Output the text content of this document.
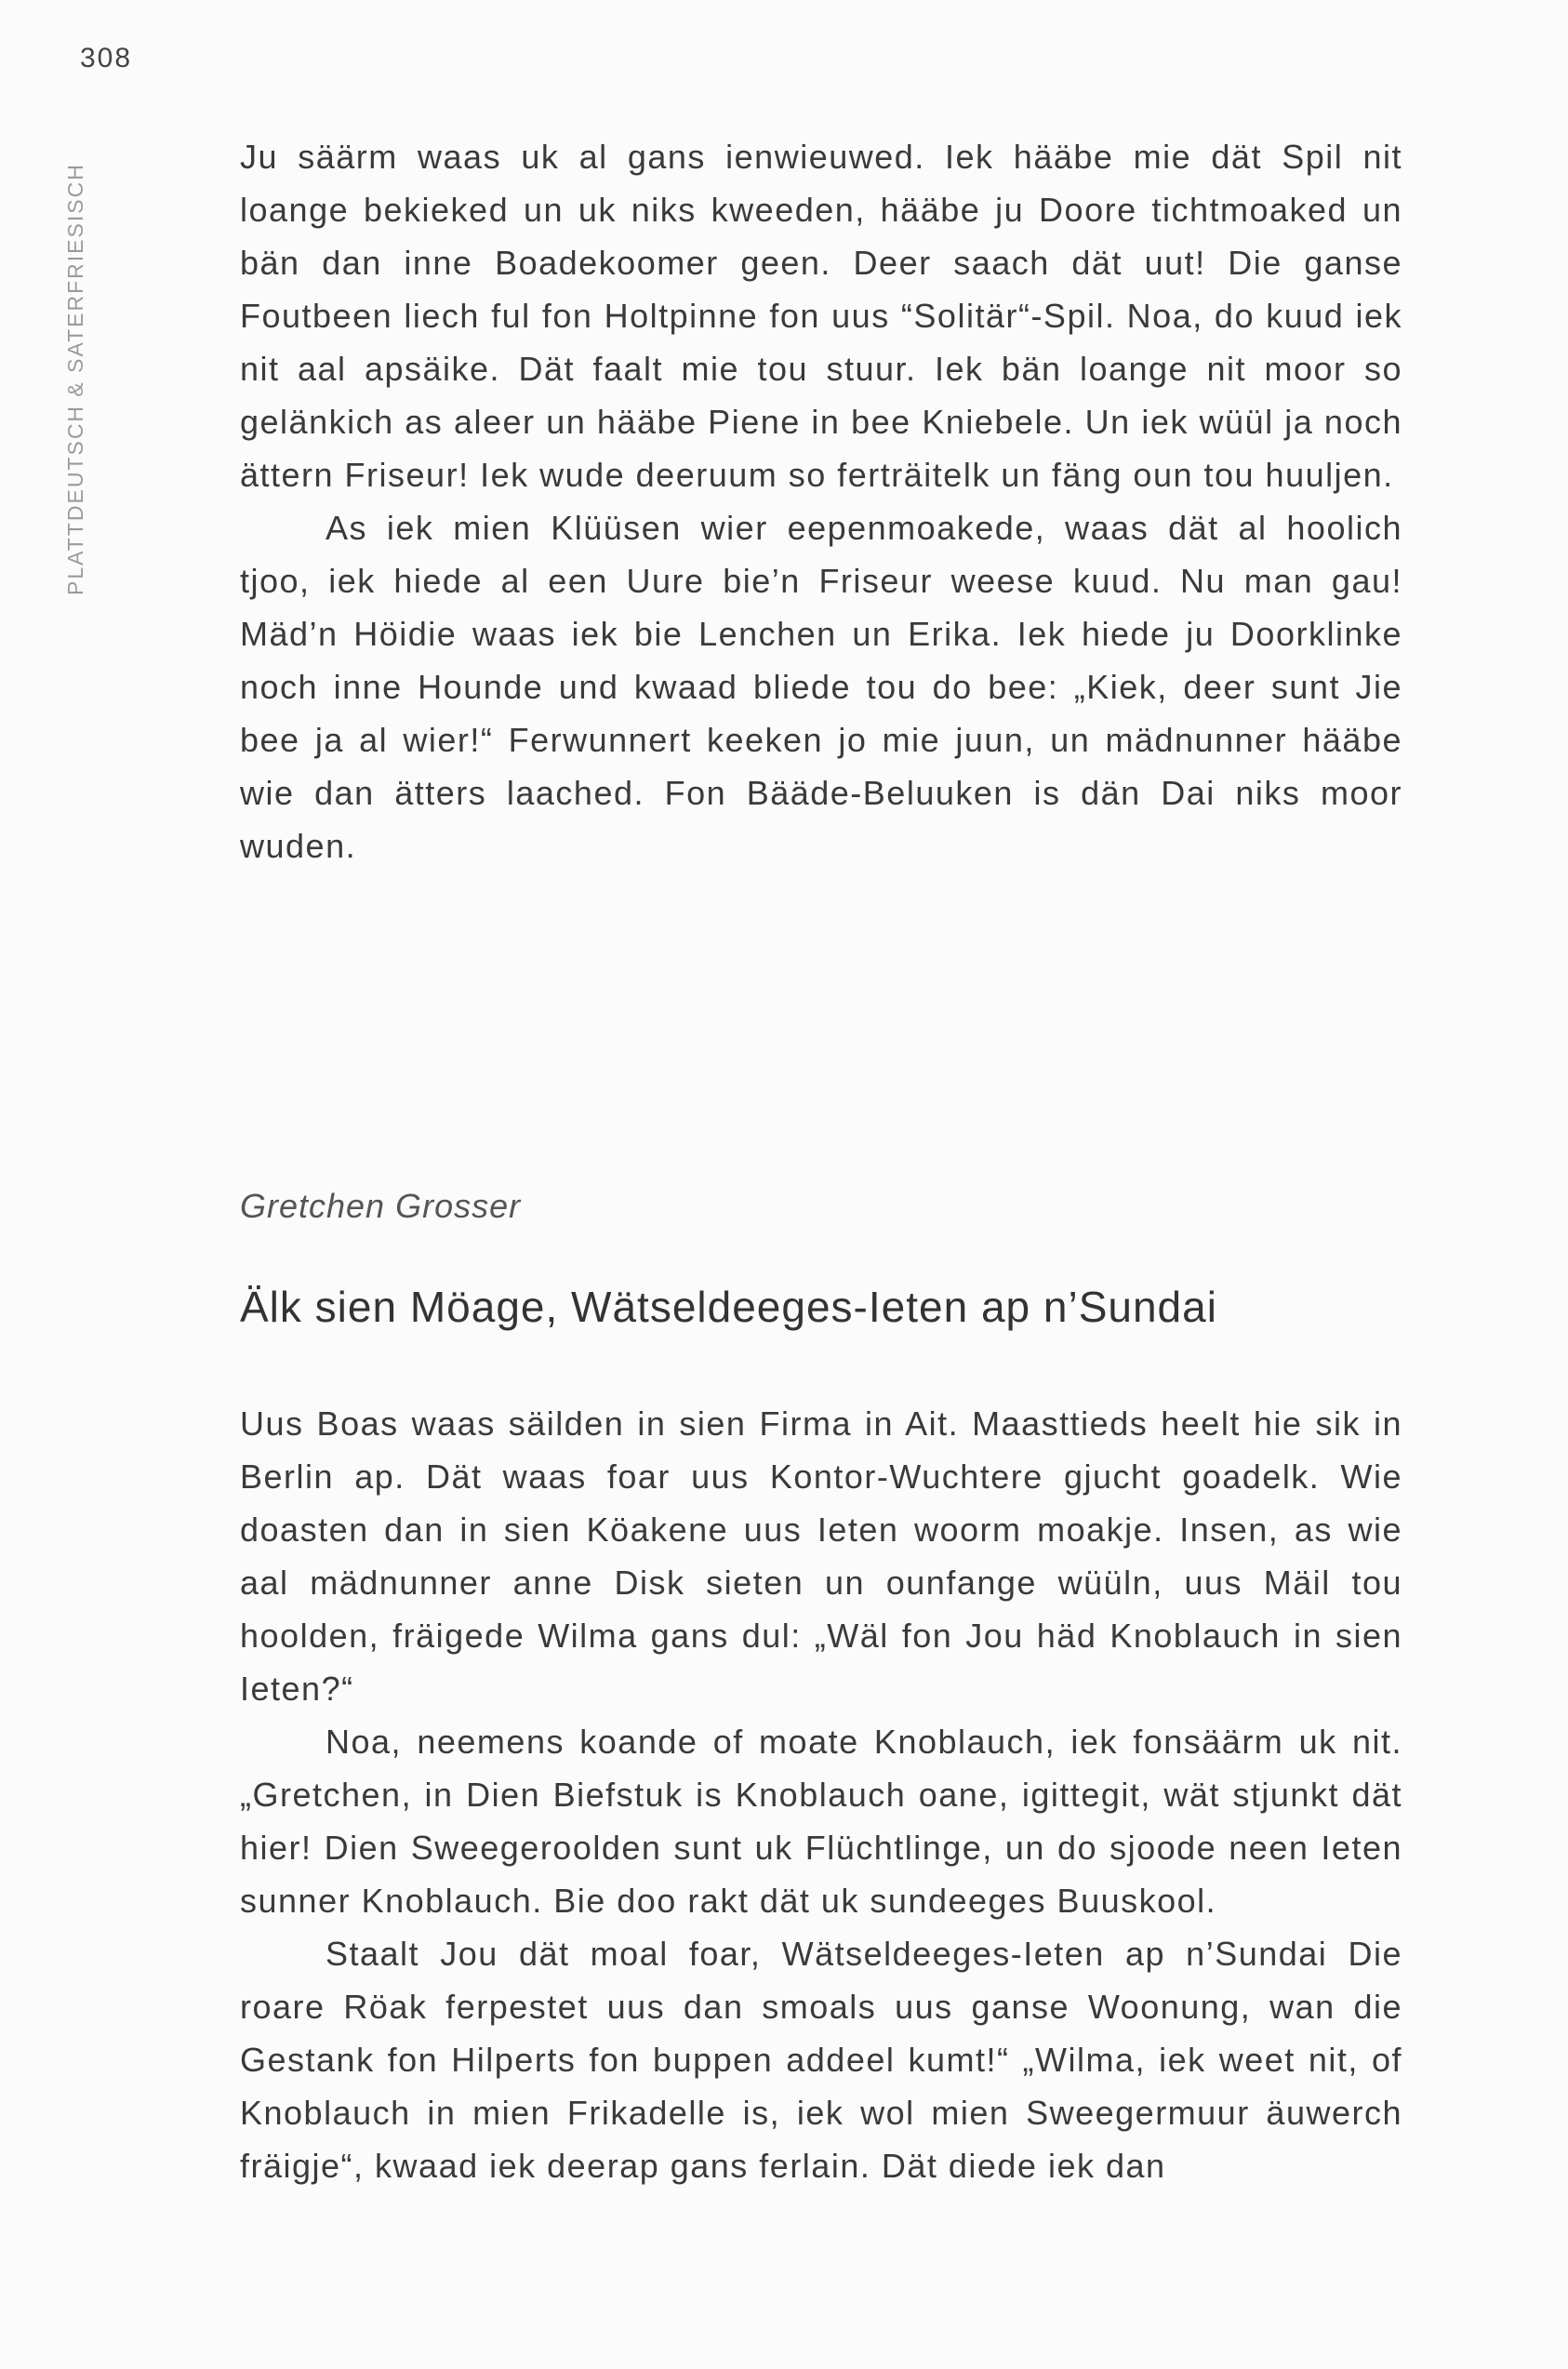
308
PLATTDEUTSCH & SATERFRIESISCH

Ju säärm waas uk al gans ienwieuwed. Iek hääbe mie dät Spil nit loange bekieked un uk niks kweeden, hääbe ju Doore tichtmoaked un bän dan inne Boadekoomer geen. Deer saach dät uut! Die ganse Foutbeen liech ful fon Holtpinne fon uus “Solitär“-Spil. Noa, do kuud iek nit aal apsäike. Dät faalt mie tou stuur. Iek bän loange nit moor so gelänkich as aleer un hääbe Piene in bee Kniebele. Un iek wüül ja noch ättern Friseur! Iek wude deeruum so ferträitelk un fäng oun tou huuljen.

As iek mien Klüüsen wier eepenmoakede, waas dät al hoolich tjoo, iek hiede al een Uure bie’n Friseur weese kuud. Nu man gau! Mäd’n Höidie waas iek bie Lenchen un Erika. Iek hiede ju Doorklinke noch inne Hounde und kwaad bliede tou do bee: „Kiek, deer sunt Jie bee ja al wier!“ Ferwunnert keeken jo mie juun, un mädnunner hääbe wie dan ätters laached. Fon Bääde-Beluuken is dän Dai niks moor wuden.

Gretchen Grosser
Älk sien Möage, Wätseldeeges-Ieten ap n’Sundai

Uus Boas waas säilden in sien Firma in Ait. Maasttieds heelt hie sik in Berlin ap. Dät waas foar uus Kontor-Wuchtere gjucht goadelk. Wie doasten dan in sien Köakene uus Ieten woorm moakje. Insen, as wie aal mädnunner anne Disk sieten un ounfange wüüln, uus Mäil tou hoolden, fräigede Wilma gans dul: „Wäl fon Jou häd Knoblauch in sien Ieten?“

Noa, neemens koande of moate Knoblauch, iek fonsäärm uk nit. „Gretchen, in Dien Biefstuk is Knoblauch oane, igittegit, wät stjunkt dät hier! Dien Sweegeroolden sunt uk Flüchtlinge, un do sjoode neen Ieten sunner Knoblauch. Bie doo rakt dät uk sundeeges Buuskool.

Staalt Jou dät moal foar, Wätseldeeges-Ieten ap n’Sundai Die roare Röak ferpestet uus dan smoals uus ganse Woonung, wan die Gestank fon Hilperts fon buppen addeel kumt!“ „Wilma, iek weet nit, of Knoblauch in mien Frikadelle is, iek wol mien Sweegermuur äuwerch fräigje“, kwaad iek deerap gans ferlain. Dät diede iek dan
